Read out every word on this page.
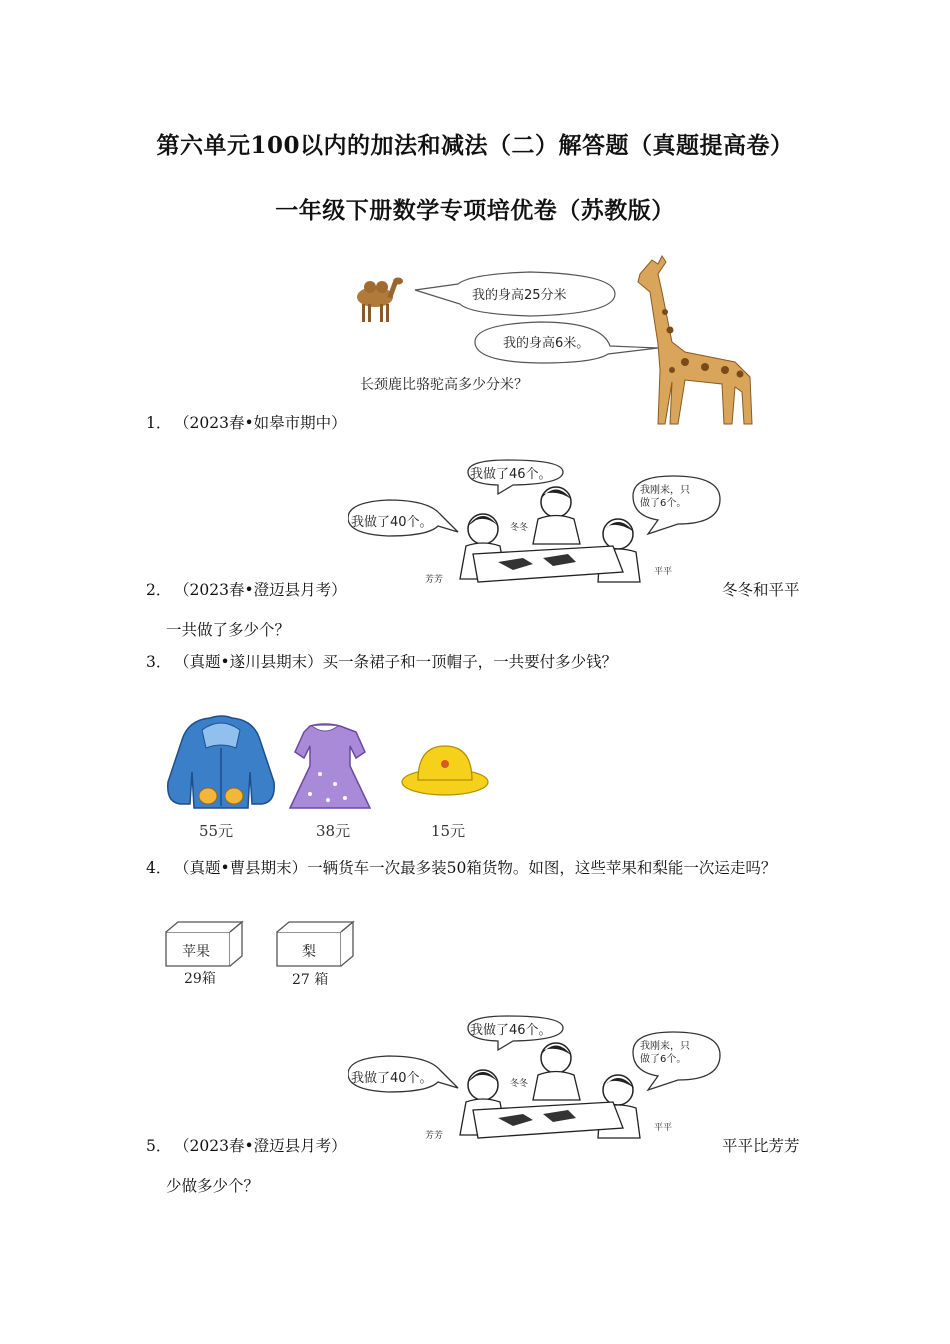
第六单元100以内的加法和减法（二）解答题（真题提高卷）
一年级下册数学专项培优卷（苏教版）
我的身高25分米
我的身高6米。
长颈鹿比骆驼高多少分米？
1． （2023春•如皋市期中）
我做了46个。
我做了40个。
我刚来，只
做了6个。
冬冬
芳芳
平平
2． （2023春•澄迈县月考）	冬冬和平平
一共做了多少个？
3． （真题•遂川县期末）买一条裙子和一顶帽子，一共要付多少钱？
55元	38元	15元
4． （真题•曹县期末）一辆货车一次最多装50箱货物。如图，这些苹果和梨能一次运走吗？
苹果
29箱
梨
27 箱
我做了46个。
我做了40个。
我刚来，只
做了6个。
冬冬
芳芳
平平
5． （2023春•澄迈县月考）	平平比芳芳
少做多少个？
